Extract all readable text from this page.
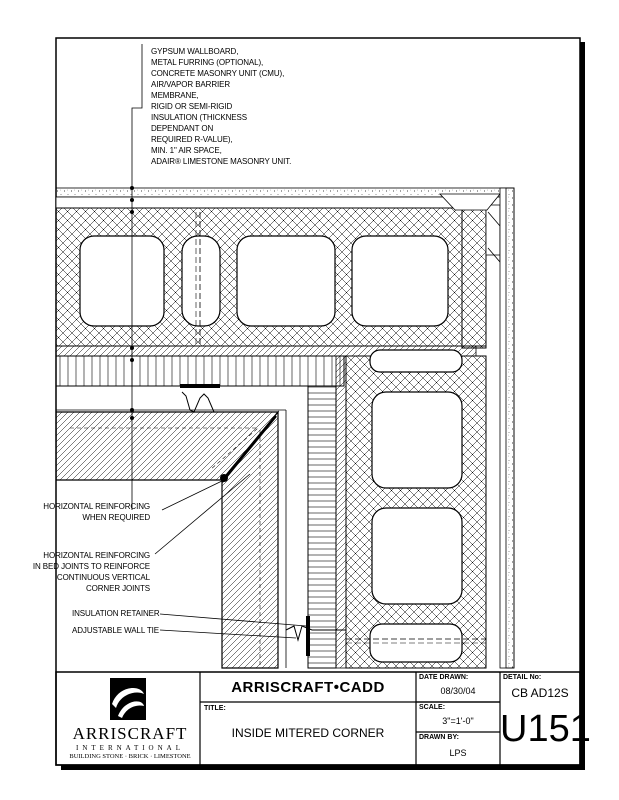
GYPSUM WALLBOARD,
METAL FURRING (OPTIONAL),
CONCRETE MASONRY UNIT (CMU),
AIR/VAPOR BARRIER
MEMBRANE,
RIGID OR SEMI-RIGID
INSULATION (THICKNESS
DEPENDANT ON
REQUIRED R-VALUE),
MIN. 1" AIR SPACE,
ADAIR® LIMESTONE MASONRY UNIT.
HORIZONTAL REINFORCING
WHEN REQUIRED
HORIZONTAL REINFORCING
IN BED JOINTS TO REINFORCE
CONTINUOUS VERTICAL
CORNER JOINTS
INSULATION RETAINER
ADJUSTABLE WALL TIE
ARRISCRAFT
INTERNATIONAL
BUILDING STONE · BRICK · LIMESTONE
ARRISCRAFT•CADD
TITLE:
INSIDE MITERED CORNER
DATE DRAWN:
08/30/04
SCALE:
3"=1'-0"
DRAWN BY:
LPS
DETAIL No:
CB AD12S
U151
